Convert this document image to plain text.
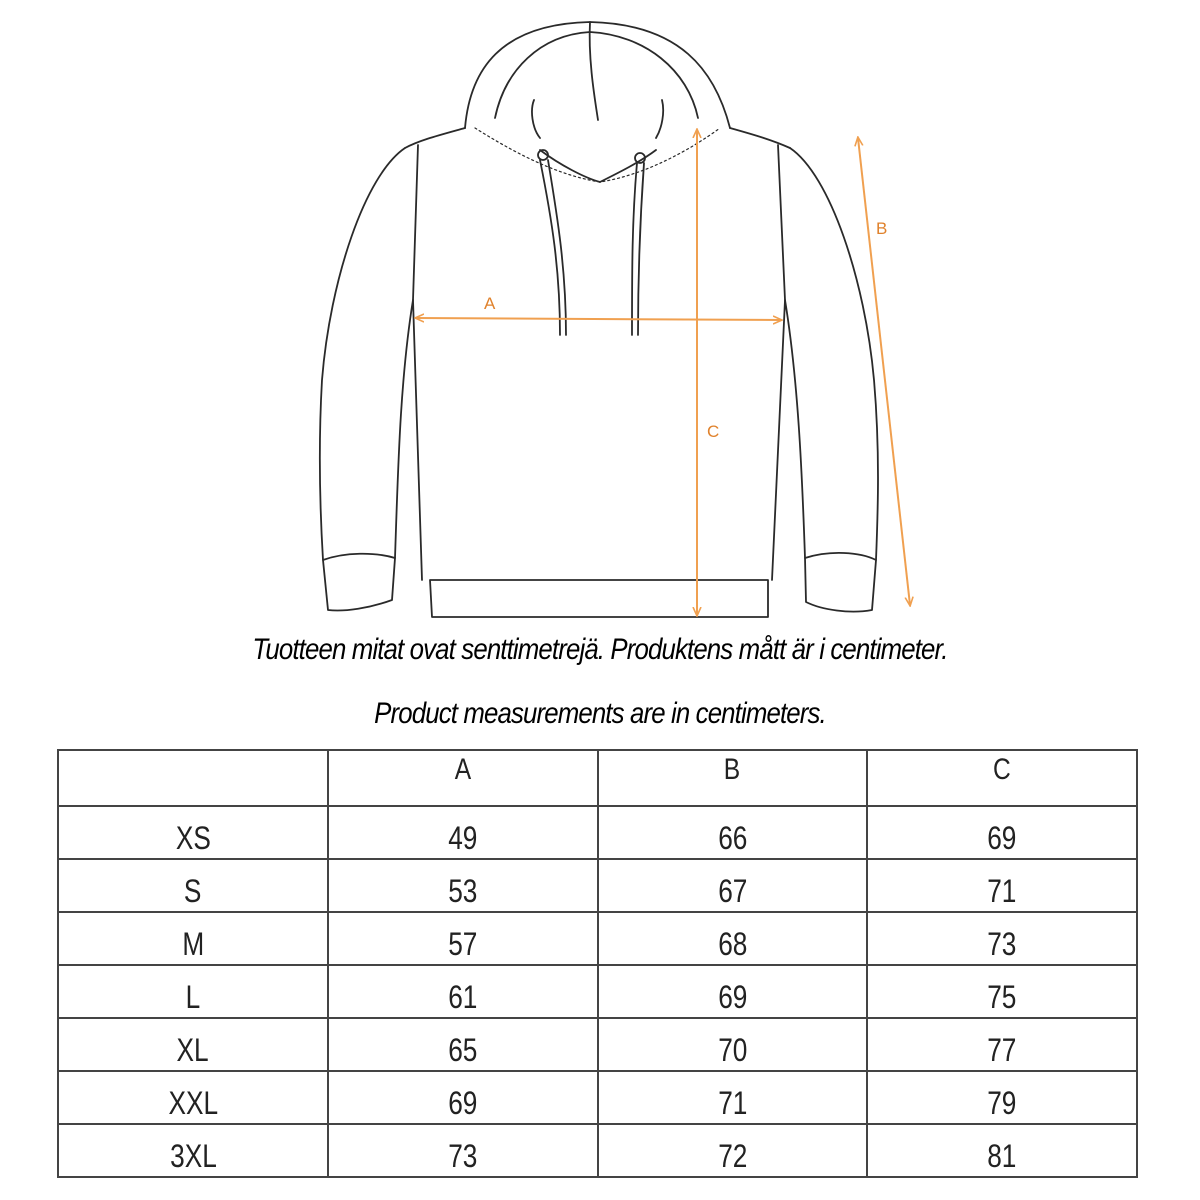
A
C
B
Tuotteen mitat ovat senttimetrejä. Produktens mått är i centimeter.
Product measurements are in centimeters.
	A	B	C
XS	49	66	69
S	53	67	71
M	57	68	73
L	61	69	75
XL	65	70	77
XXL	69	71	79
3XL	73	72	81
